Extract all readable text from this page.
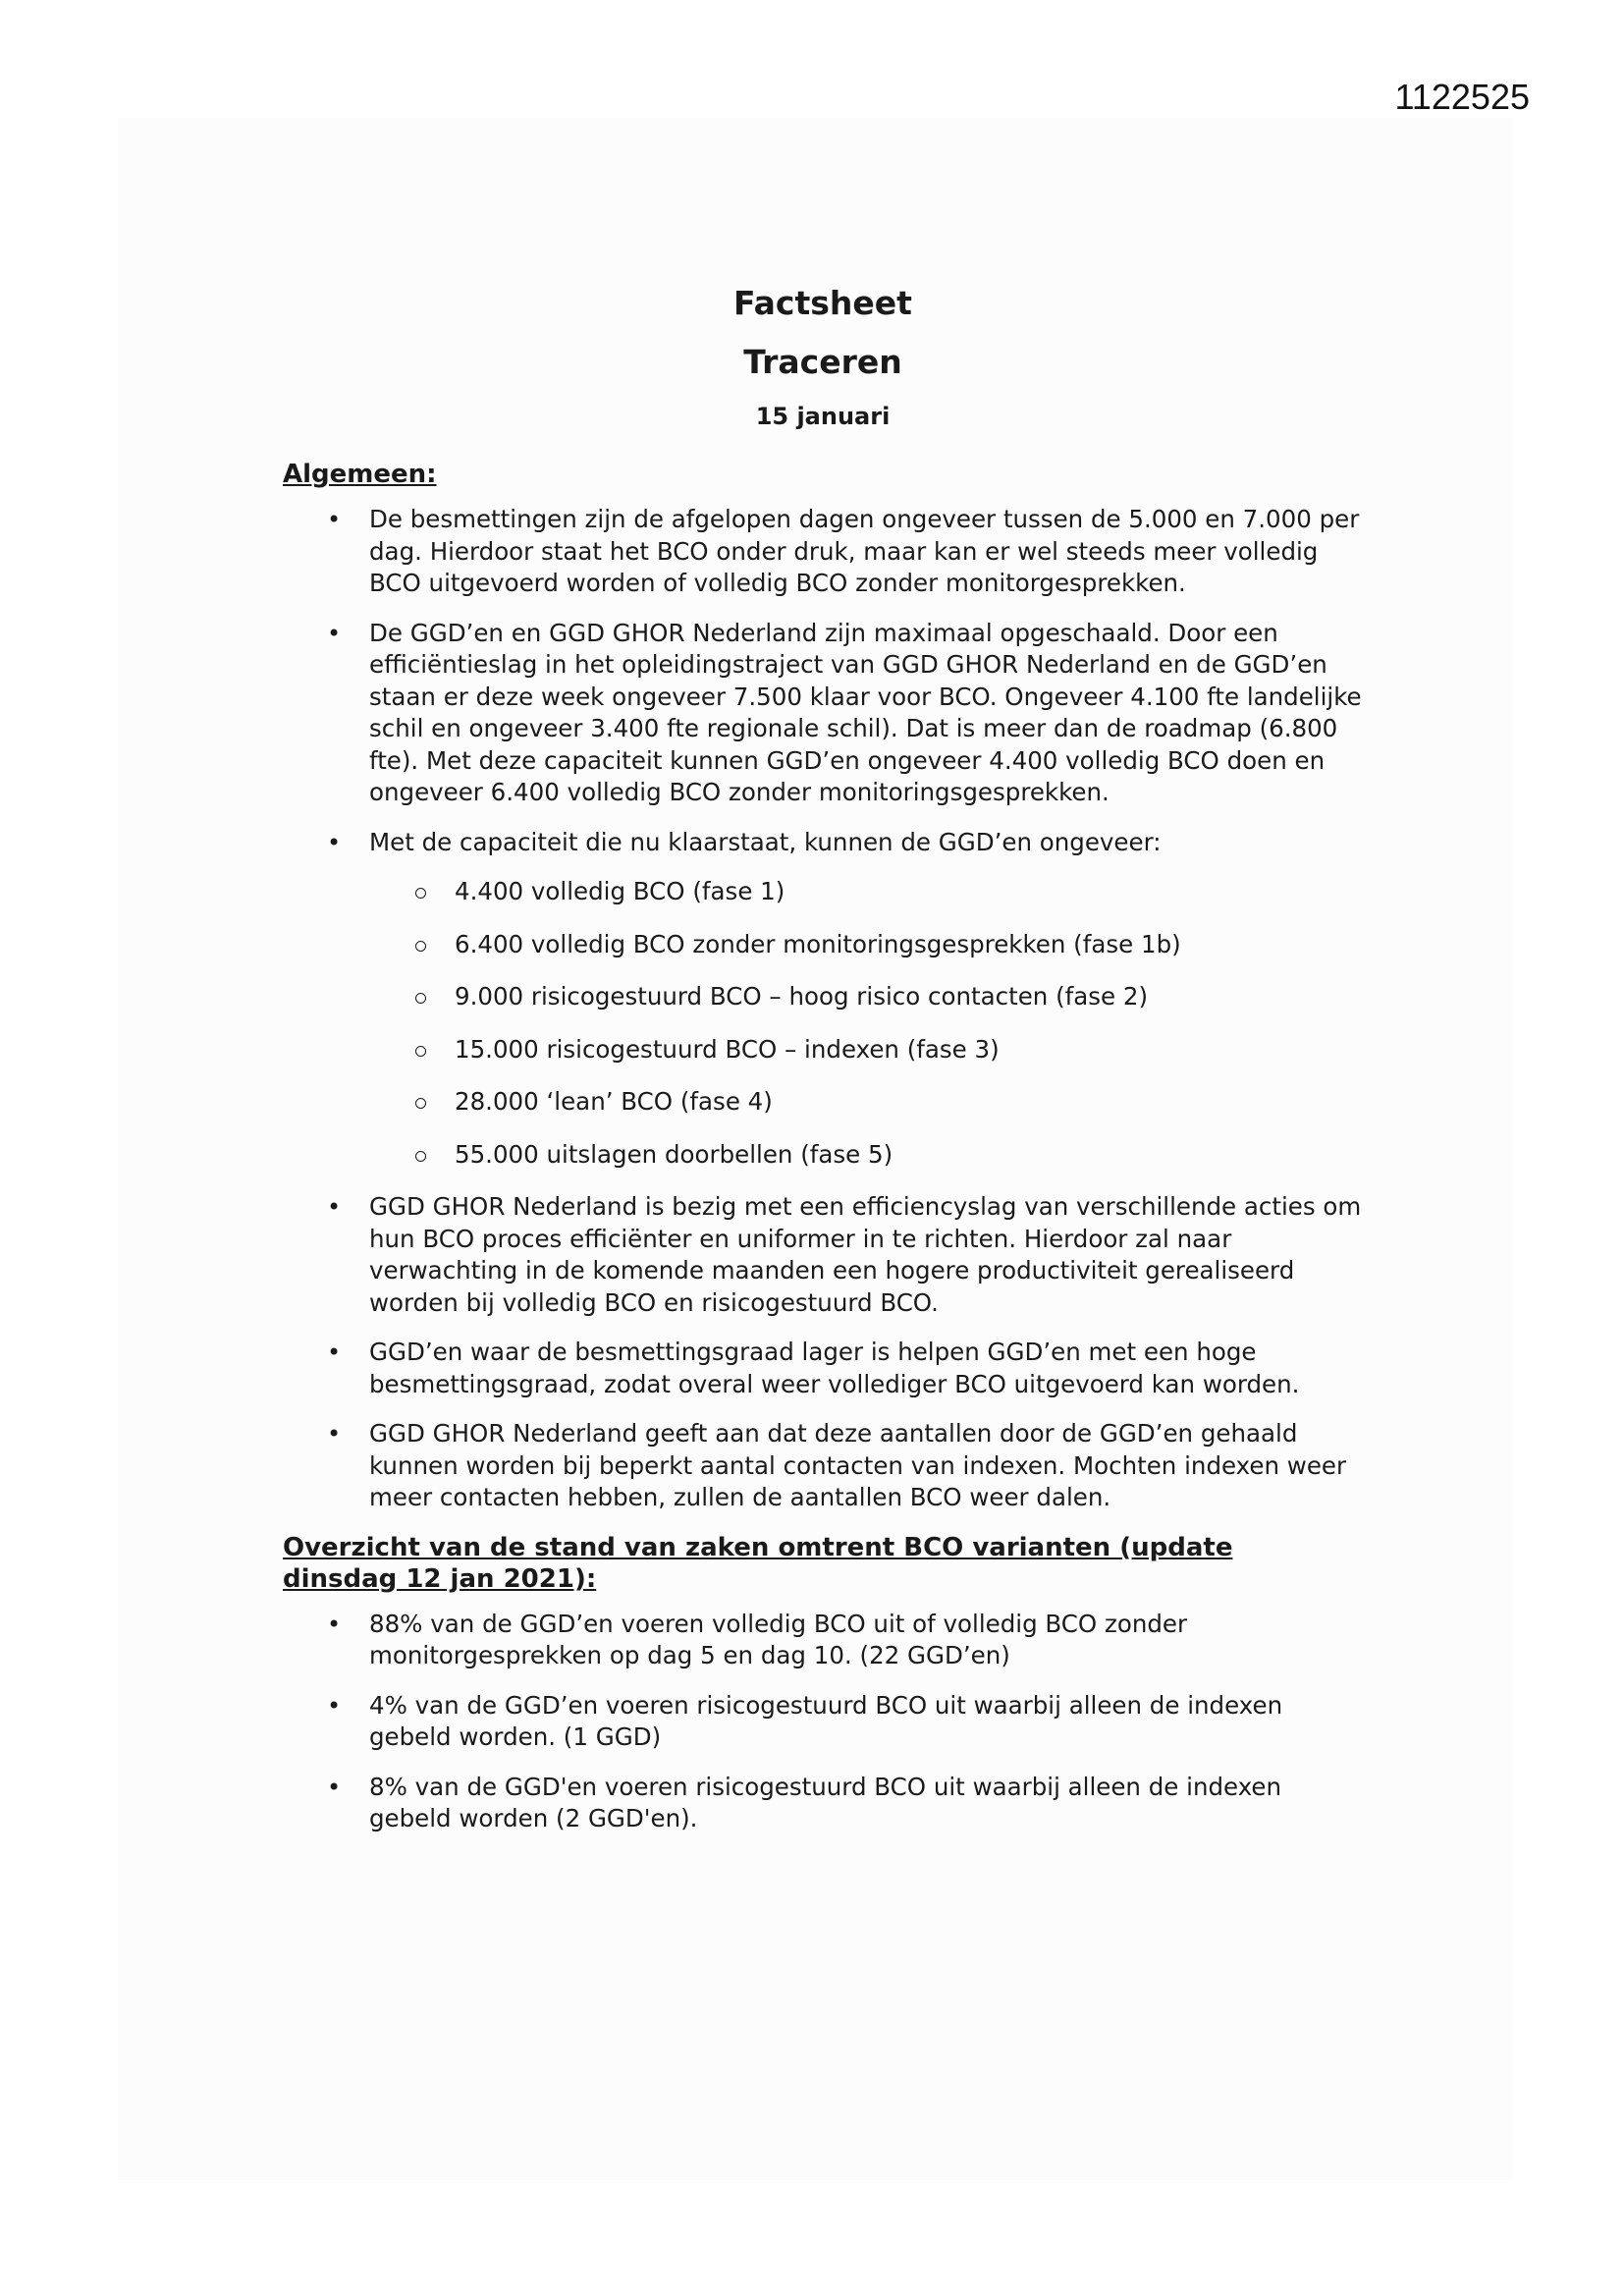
1122525
Factsheet
Traceren

15 januari

Algemeen:

• De besmettingen zijn de afgelopen dagen ongeveer tussen de 5.000 en 7.000 per dag. Hierdoor staat het BCO onder druk, maar kan er wel steeds meer volledig BCO uitgevoerd worden of volledig BCO zonder monitorgesprekken.
• De GGD’en en GGD GHOR Nederland zijn maximaal opgeschaald. Door een efficiëntieslag in het opleidingstraject van GGD GHOR Nederland en de GGD’en staan er deze week ongeveer 7.500 klaar voor BCO. Ongeveer 4.100 fte landelijke schil en ongeveer 3.400 fte regionale schil). Dat is meer dan de roadmap (6.800 fte). Met deze capaciteit kunnen GGD’en ongeveer 4.400 volledig BCO doen en ongeveer 6.400 volledig BCO zonder monitoringsgesprekken.
• Met de capaciteit die nu klaarstaat, kunnen de GGD’en ongeveer:
4.400 volledig BCO (fase 1)
6.400 volledig BCO zonder monitoringsgesprekken (fase 1b)
9.000 risicogestuurd BCO – hoog risico contacten (fase 2)
15.000 risicogestuurd BCO – indexen (fase 3)
28.000 ‘lean’ BCO (fase 4)
55.000 uitslagen doorbellen (fase 5)
• GGD GHOR Nederland is bezig met een efficiencyslag van verschillende acties om hun BCO proces efficiënter en uniformer in te richten. Hierdoor zal naar verwachting in de komende maanden een hogere productiviteit gerealiseerd worden bij volledig BCO en risicogestuurd BCO.
• GGD’en waar de besmettingsgraad lager is helpen GGD’en met een hoge besmettingsgraad, zodat overal weer vollediger BCO uitgevoerd kan worden.
• GGD GHOR Nederland geeft aan dat deze aantallen door de GGD’en gehaald kunnen worden bij beperkt aantal contacten van indexen. Mochten indexen weer meer contacten hebben, zullen de aantallen BCO weer dalen.

Overzicht van de stand van zaken omtrent BCO varianten (update dinsdag 12 jan 2021):

• 88% van de GGD’en voeren volledig BCO uit of volledig BCO zonder monitorgesprekken op dag 5 en dag 10. (22 GGD’en)
• 4% van de GGD’en voeren risicogestuurd BCO uit waarbij alleen de indexen gebeld worden. (1 GGD)
• 8% van de GGD'en voeren risicogestuurd BCO uit waarbij alleen de indexen gebeld worden (2 GGD'en).
